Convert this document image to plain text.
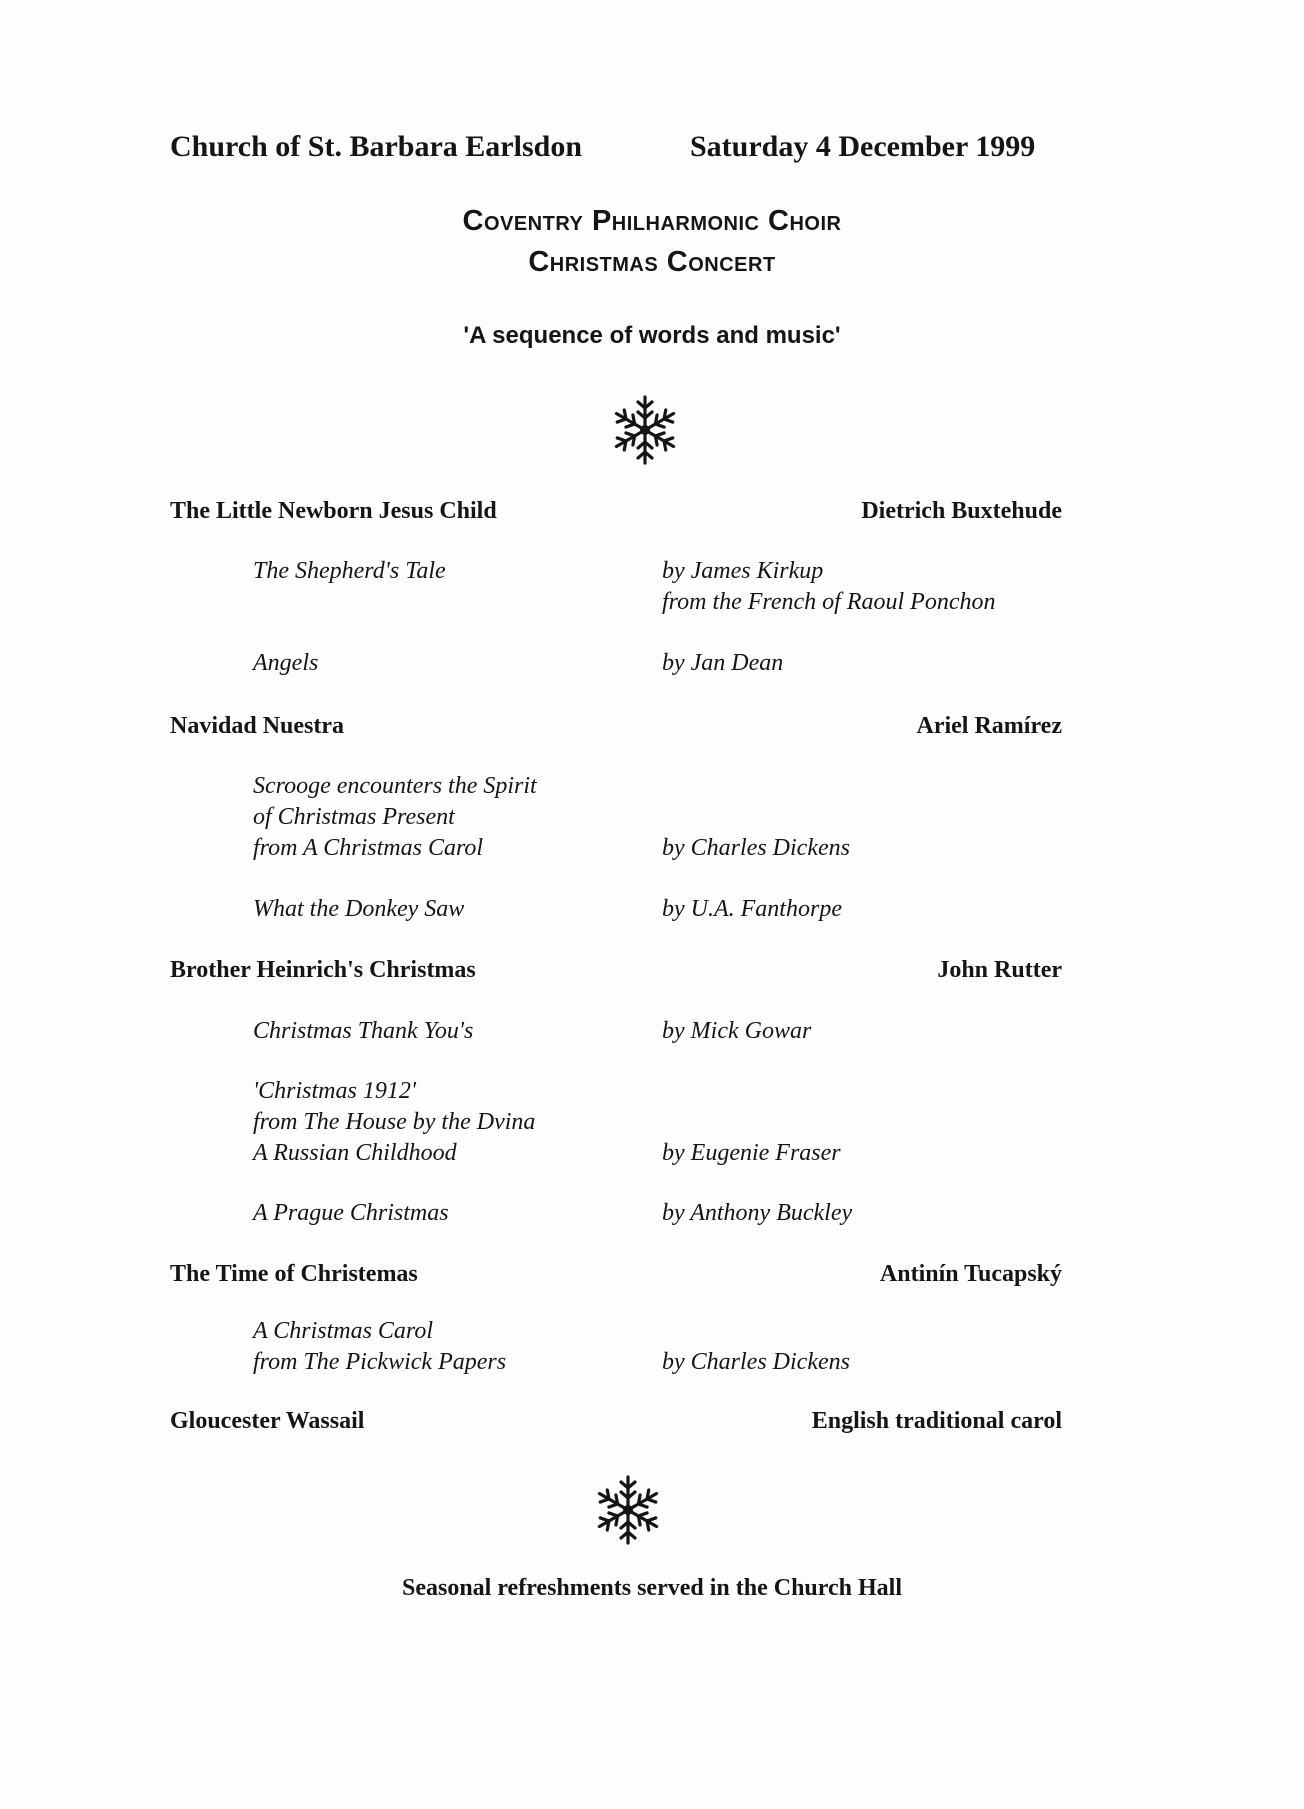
Church of St. Barbara Earlsdon	Saturday 4 December 1999
Coventry Philharmonic Choir
Christmas Concert
'A sequence of words and music'
The Little Newborn Jesus Child	Dietrich Buxtehude
The Shepherd's Tale	by James Kirkup
from the French of Raoul Ponchon
Angels	by Jan Dean
Navidad Nuestra	Ariel Ramírez
Scrooge encounters the Spirit
of Christmas Present
from A Christmas Carol	by Charles Dickens
What the Donkey Saw	by U.A. Fanthorpe
Brother Heinrich's Christmas	John Rutter
Christmas Thank You's	by Mick Gowar
'Christmas 1912'
from The House by the Dvina
A Russian Childhood	by Eugenie Fraser
A Prague Christmas	by Anthony Buckley
The Time of Christemas	Antinín Tucapský
A Christmas Carol
from The Pickwick Papers	by Charles Dickens
Gloucester Wassail	English traditional carol
Seasonal refreshments served in the Church Hall
